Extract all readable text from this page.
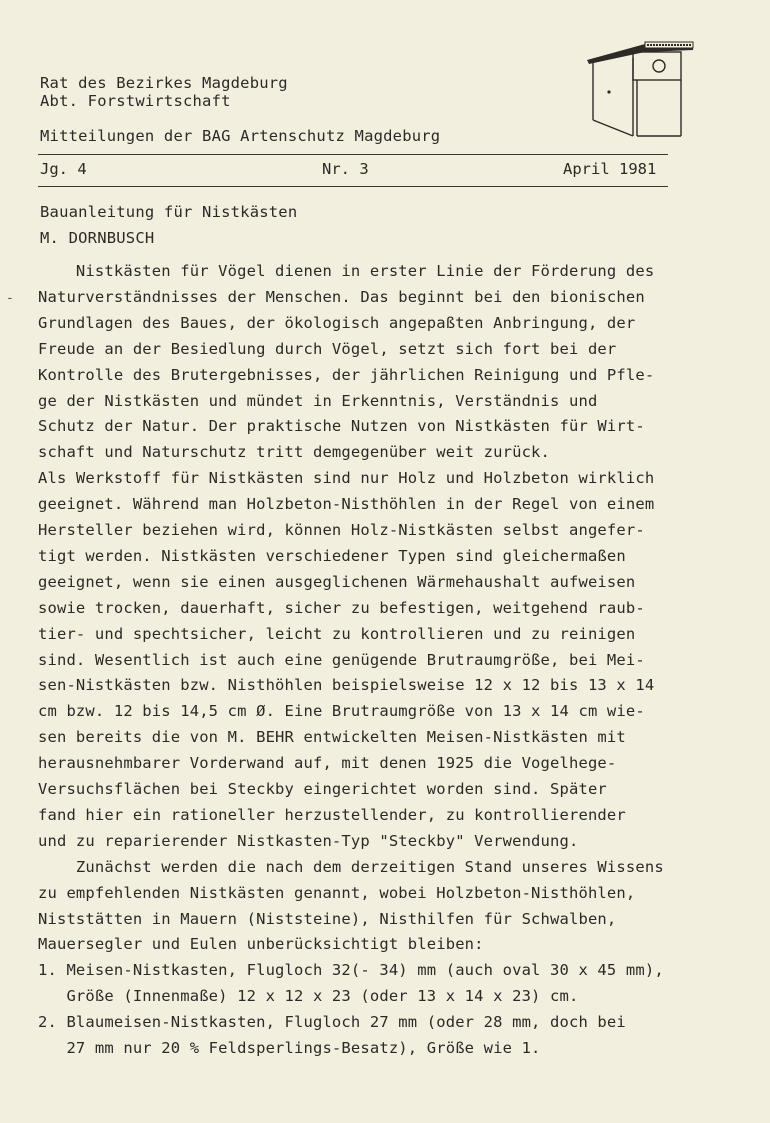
Rat des Bezirkes Magdeburg
Abt. Forstwirtschaft
Mitteilungen der BAG Artenschutz Magdeburg
Jg. 4	Nr. 3	April 1981
Bauanleitung für Nistkästen
M. DORNBUSCH
-
Nistkästen für Vögel dienen in erster Linie der Förderung des
Naturverständnisses der Menschen. Das beginnt bei den bionischen
Grundlagen des Baues, der ökologisch angepaßten Anbringung, der
Freude an der Besiedlung durch Vögel, setzt sich fort bei der
Kontrolle des Brutergebnisses, der jährlichen Reinigung und Pfle-
ge der Nistkästen und mündet in Erkenntnis, Verständnis und
Schutz der Natur. Der praktische Nutzen von Nistkästen für Wirt-
schaft und Naturschutz tritt demgegenüber weit zurück.
Als Werkstoff für Nistkästen sind nur Holz und Holzbeton wirklich
geeignet. Während man Holzbeton-Nisthöhlen in der Regel von einem
Hersteller beziehen wird, können Holz-Nistkästen selbst angefer-
tigt werden. Nistkästen verschiedener Typen sind gleichermaßen
geeignet, wenn sie einen ausgeglichenen Wärmehaushalt aufweisen
sowie trocken, dauerhaft, sicher zu befestigen, weitgehend raub-
tier- und spechtsicher, leicht zu kontrollieren und zu reinigen
sind. Wesentlich ist auch eine genügende Brutraumgröße, bei Mei-
sen-Nistkästen bzw. Nisthöhlen beispielsweise 12 x 12 bis 13 x 14
cm bzw. 12 bis 14,5 cm Ø. Eine Brutraumgröße von 13 x 14 cm wie-
sen bereits die von M. BEHR entwickelten Meisen-Nistkästen mit
herausnehmbarer Vorderwand auf, mit denen 1925 die Vogelhege-
Versuchsflächen bei Steckby eingerichtet worden sind. Später
fand hier ein rationeller herzustellender, zu kontrollierender
und zu reparierender Nistkasten-Typ "Steckby" Verwendung.
Zunächst werden die nach dem derzeitigen Stand unseres Wissens
zu empfehlenden Nistkästen genannt, wobei Holzbeton-Nisthöhlen,
Niststätten in Mauern (Niststeine), Nisthilfen für Schwalben,
Mauersegler und Eulen unberücksichtigt bleiben:
1. Meisen-Nistkasten, Flugloch 32(- 34) mm (auch oval 30 x 45 mm),
Größe (Innenmaße) 12 x 12 x 23 (oder 13 x 14 x 23) cm.
2. Blaumeisen-Nistkasten, Flugloch 27 mm (oder 28 mm, doch bei
27 mm nur 20 % Feldsperlings-Besatz), Größe wie 1.
